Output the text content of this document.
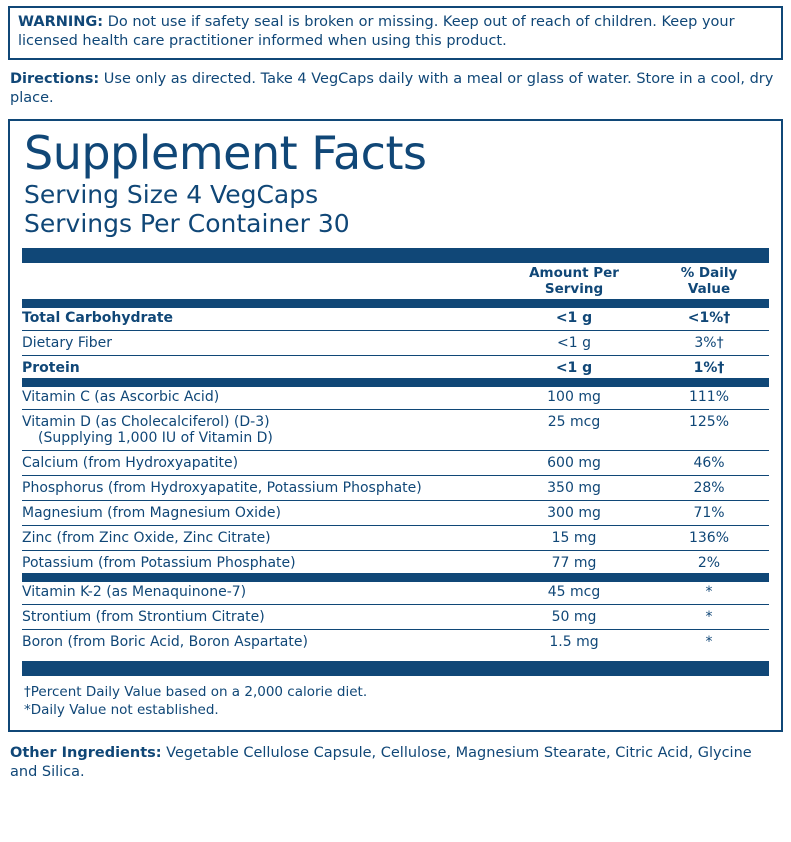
WARNING: Do not use if safety seal is broken or missing. Keep out of reach of children. Keep your licensed health care practitioner informed when using this product.
Directions: Use only as directed. Take 4 VegCaps daily with a meal or glass of water. Store in a cool, dry place.
Supplement Facts
Serving Size 4 VegCaps
Servings Per Container 30

Amount Per
Serving

% Daily
Value
Total Carbohydrate	<1 g	<1%†

Dietary Fiber	<1 g	3%†

Protein	<1 g	1%†
Vitamin C (as Ascorbic Acid)	100 mg	111%

Vitamin D (as Cholecalciferol) (D-3)
(Supplying 1,000 IU of Vitamin D)	25 mcg	125%

Calcium (from Hydroxyapatite)	600 mg	46%

Phosphorus (from Hydroxyapatite, Potassium Phosphate)	350 mg	28%

Magnesium (from Magnesium Oxide)	300 mg	71%

Zinc (from Zinc Oxide, Zinc Citrate)	15 mg	136%

Potassium (from Potassium Phosphate)	77 mg	2%
Vitamin K-2 (as Menaquinone-7)	45 mcg	*

Strontium (from Strontium Citrate)	50 mg	*

Boron (from Boric Acid, Boron Aspartate)	1.5 mg	*
†Percent Daily Value based on a 2,000 calorie diet.
*Daily Value not established.
Other Ingredients: Vegetable Cellulose Capsule, Cellulose, Magnesium Stearate, Citric Acid, Glycine and Silica.
